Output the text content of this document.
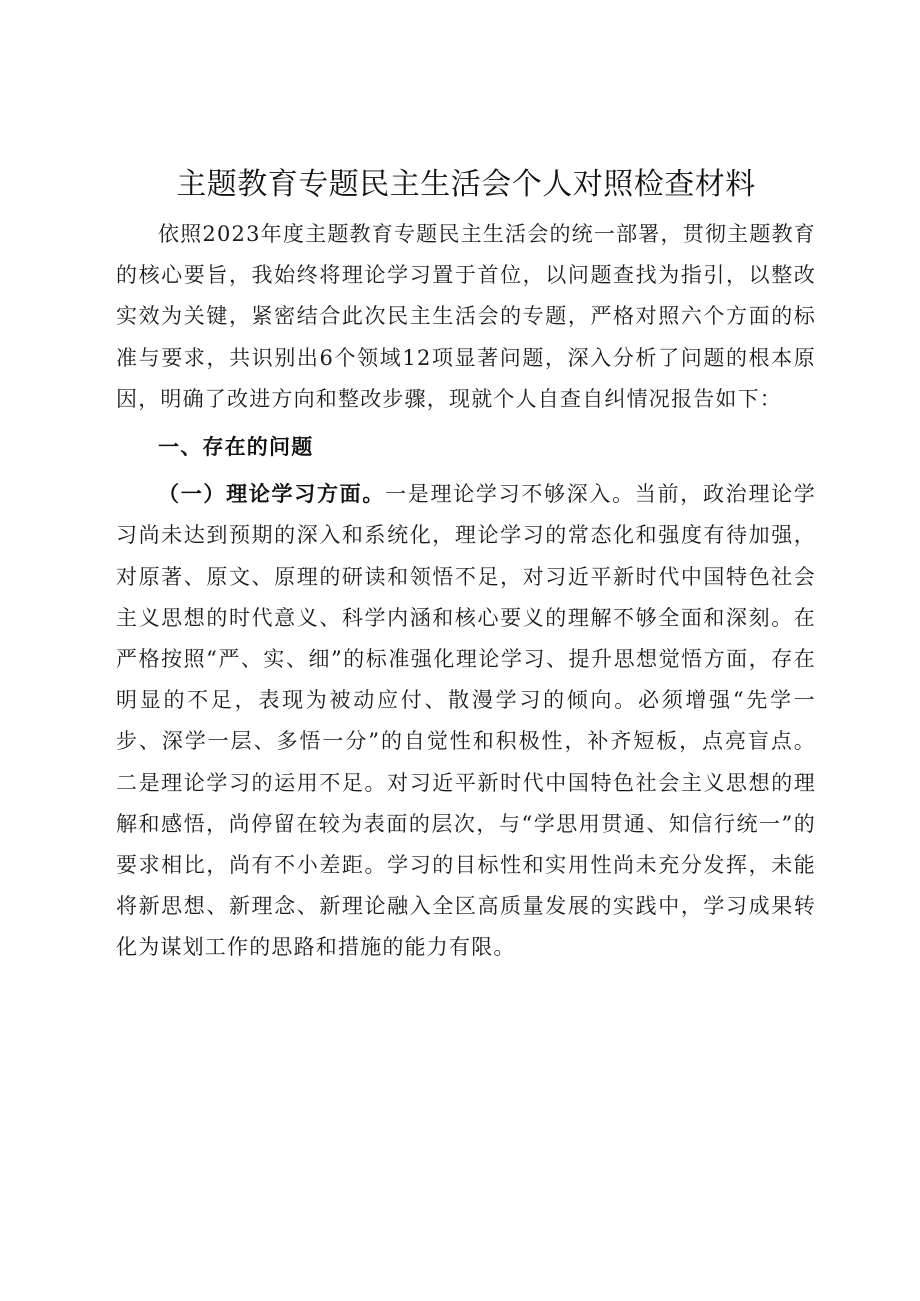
主题教育专题民主生活会个人对照检查材料

依照2023年度主题教育专题民主生活会的统一部署，贯彻主题教育的核心要旨，我始终将理论学习置于首位，以问题查找为指引，以整改实效为关键，紧密结合此次民主生活会的专题，严格对照六个方面的标准与要求，共识别出6个领域12项显著问题，深入分析了问题的根本原因，明确了改进方向和整改步骤，现就个人自查自纠情况报告如下：

一、存在的问题

（一）理论学习方面。一是理论学习不够深入。当前，政治理论学习尚未达到预期的深入和系统化，理论学习的常态化和强度有待加强，对原著、原文、原理的研读和领悟不足，对习近平新时代中国特色社会主义思想的时代意义、科学内涵和核心要义的理解不够全面和深刻。在严格按照“严、实、细”的标准强化理论学习、提升思想觉悟方面，存在明显的不足，表现为被动应付、散漫学习的倾向。必须增强“先学一步、深学一层、多悟一分”的自觉性和积极性，补齐短板，点亮盲点。二是理论学习的运用不足。对习近平新时代中国特色社会主义思想的理解和感悟，尚停留在较为表面的层次，与“学思用贯通、知信行统一”的要求相比，尚有不小差距。学习的目标性和实用性尚未充分发挥，未能将新思想、新理念、新理论融入全区高质量发展的实践中，学习成果转化为谋划工作的思路和措施的能力有限。
